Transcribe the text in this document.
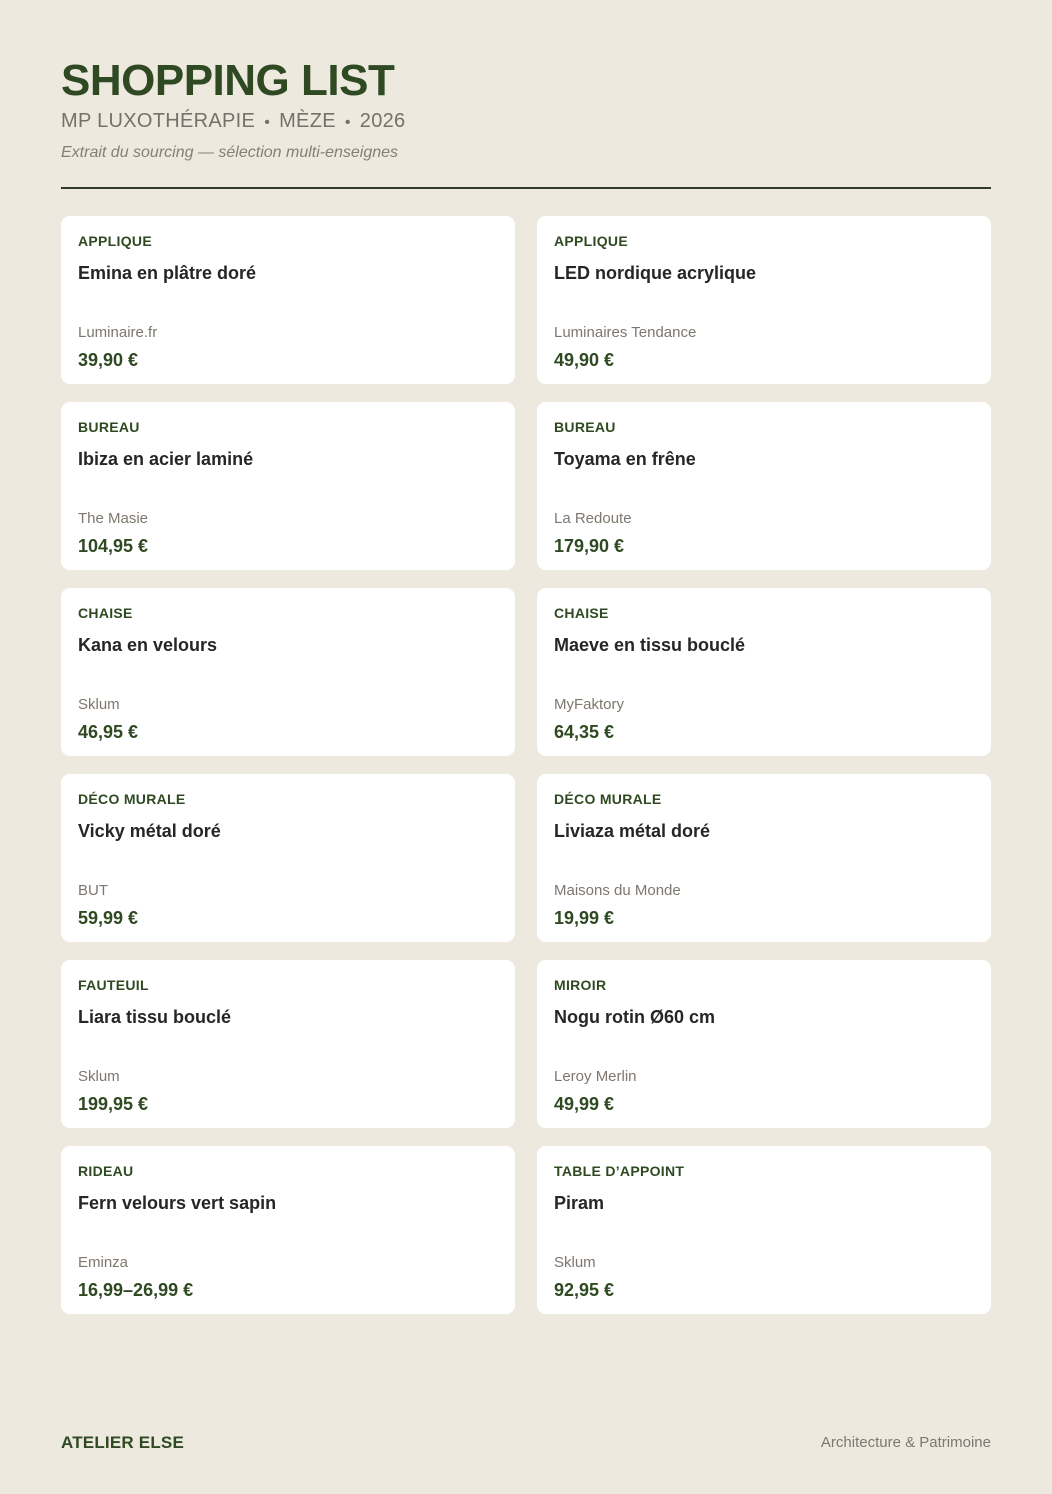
SHOPPING LIST
MP LUXOTHÉRAPIE • MÈZE • 2026
Extrait du sourcing — sélection multi-enseignes
APPLIQUE
Emina en plâtre doré
Luminaire.fr
39,90 €
APPLIQUE
LED nordique acrylique
Luminaires Tendance
49,90 €
BUREAU
Ibiza en acier laminé
The Masie
104,95 €
BUREAU
Toyama en frêne
La Redoute
179,90 €
CHAISE
Kana en velours
Sklum
46,95 €
CHAISE
Maeve en tissu bouclé
MyFaktory
64,35 €
DÉCO MURALE
Vicky métal doré
BUT
59,99 €
DÉCO MURALE
Liviaza métal doré
Maisons du Monde
19,99 €
FAUTEUIL
Liara tissu bouclé
Sklum
199,95 €
MIROIR
Nogu rotin Ø60 cm
Leroy Merlin
49,99 €
RIDEAU
Fern velours vert sapin
Eminza
16,99–26,99 €
TABLE D’APPOINT
Piram
Sklum
92,95 €
ATELIER ELSE	Architecture & Patrimoine
